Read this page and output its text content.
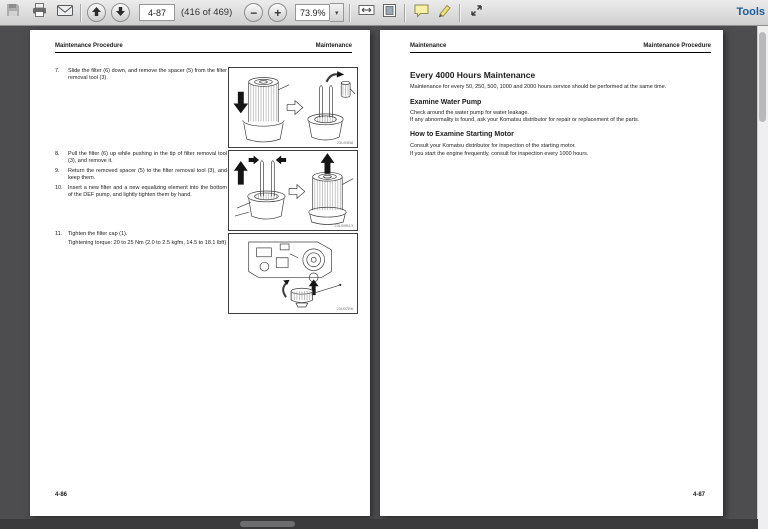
4-87
(416 of 469) − +
73.9%	▾	Tools
Maintenance Procedure	Maintenance
7. Slide the filter (6) down, and remove the spacer (5) from the filter removal tool (3).
8. Pull the filter (6) up while pushing in the tip of filter removal tool (3), and remove it.
9. Return the removed spacer (5) to the filter removal tool (3), and keep them.
10. Insert a new filter and a new equalizing element into the bottom of the DEF pump, and lightly tighten them by hand.
11. Tighten the filter cap (1).
Tightening torque: 20 to 25 Nm {2.0 to 2.5 kgfm, 14.5 to 18.1 lbft}
23U09B8
23U09B13
23U07R6
4-86
Maintenance	Maintenance Procedure
Every 4000 Hours Maintenance
Maintenance for every 50, 250, 500, 1000 and 2000 hours service should be performed at the same time.
Examine Water Pump
Check around the water pump for water leakage.
If any abnormality is found, ask your Komatsu distributor for repair or replacement of the parts.
How to Examine Starting Motor
Consult your Komatsu distributor for inspection of the starting motor.
If you start the engine frequently, consult for inspection every 1000 hours.
4-87
